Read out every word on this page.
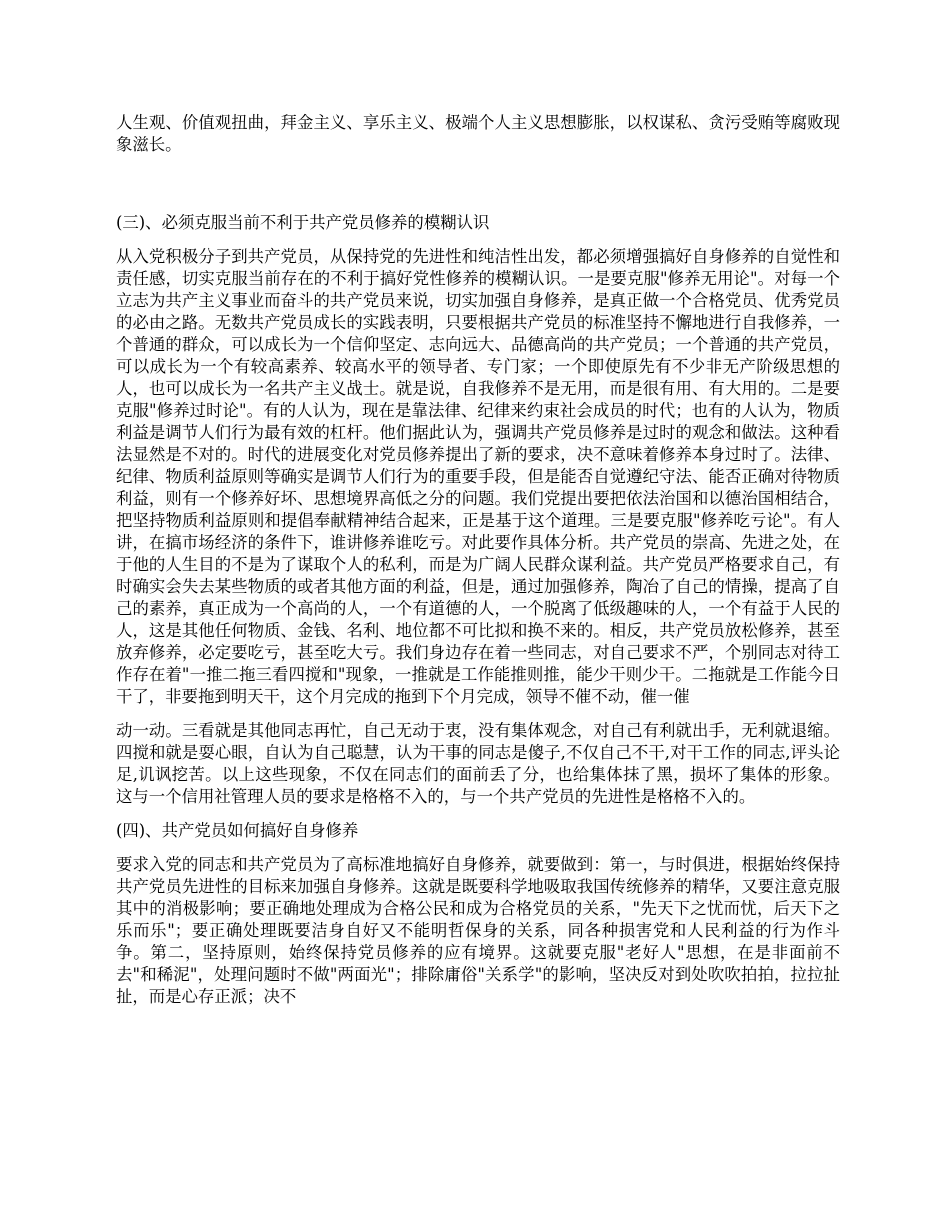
人生观、价值观扭曲，拜金主义、享乐主义、极端个人主义思想膨胀，以权谋私、贪污受贿等腐败现象滋长。

(三)、必须克服当前不利于共产党员修养的模糊认识

从入党积极分子到共产党员，从保持党的先进性和纯洁性出发，都必须增强搞好自身修养的自觉性和责任感，切实克服当前存在的不利于搞好党性修养的模糊认识。一是要克服"修养无用论"。对每一个立志为共产主义事业而奋斗的共产党员来说，切实加强自身修养，是真正做一个合格党员、优秀党员的必由之路。无数共产党员成长的实践表明，只要根据共产党员的标准坚持不懈地进行自我修养，一个普通的群众，可以成长为一个信仰坚定、志向远大、品德高尚的共产党员；一个普通的共产党员，可以成长为一个有较高素养、较高水平的领导者、专门家；一个即使原先有不少非无产阶级思想的人，也可以成长为一名共产主义战士。就是说，自我修养不是无用，而是很有用、有大用的。二是要克服"修养过时论"。有的人认为，现在是靠法律、纪律来约束社会成员的时代；也有的人认为，物质利益是调节人们行为最有效的杠杆。他们据此认为，强调共产党员修养是过时的观念和做法。这种看法显然是不对的。时代的进展变化对党员修养提出了新的要求，决不意味着修养本身过时了。法律、纪律、物质利益原则等确实是调节人们行为的重要手段，但是能否自觉遵纪守法、能否正确对待物质利益，则有一个修养好坏、思想境界高低之分的问题。我们党提出要把依法治国和以德治国相结合，把坚持物质利益原则和提倡奉献精神结合起来，正是基于这个道理。三是要克服"修养吃亏论"。有人讲，在搞市场经济的条件下，谁讲修养谁吃亏。对此要作具体分析。共产党员的崇高、先进之处，在于他的人生目的不是为了谋取个人的私利，而是为广阔人民群众谋利益。共产党员严格要求自己，有时确实会失去某些物质的或者其他方面的利益，但是，通过加强修养，陶冶了自己的情操，提高了自己的素养，真正成为一个高尚的人，一个有道德的人，一个脱离了低级趣味的人，一个有益于人民的人，这是其他任何物质、金钱、名利、地位都不可比拟和换不来的。相反，共产党员放松修养，甚至放弃修养，必定要吃亏，甚至吃大亏。我们身边存在着一些同志，对自己要求不严，个别同志对待工作存在着"一推二拖三看四搅和"现象，一推就是工作能推则推，能少干则少干。二拖就是工作能今日干了，非要拖到明天干，这个月完成的拖到下个月完成，领导不催不动，催一催

动一动。三看就是其他同志再忙，自己无动于衷，没有集体观念，对自己有利就出手，无利就退缩。四搅和就是耍心眼，自认为自己聪慧，认为干事的同志是傻子,不仅自己不干,对干工作的同志,评头论足,讥讽挖苦。以上这些现象，不仅在同志们的面前丢了分，也给集体抹了黑，损坏了集体的形象。这与一个信用社管理人员的要求是格格不入的，与一个共产党员的先进性是格格不入的。

(四)、共产党员如何搞好自身修养

要求入党的同志和共产党员为了高标准地搞好自身修养，就要做到：第一，与时俱进，根据始终保持共产党员先进性的目标来加强自身修养。这就是既要科学地吸取我国传统修养的精华，又要注意克服其中的消极影响；要正确地处理成为合格公民和成为合格党员的关系，"先天下之忧而忧，后天下之乐而乐"；要正确处理既要洁身自好又不能明哲保身的关系，同各种损害党和人民利益的行为作斗争。第二，坚持原则，始终保持党员修养的应有境界。这就要克服"老好人"思想，在是非面前不去"和稀泥"，处理问题时不做"两面光"；排除庸俗"关系学"的影响，坚决反对到处吹吹拍拍，拉拉扯扯，而是心存正派；决不
